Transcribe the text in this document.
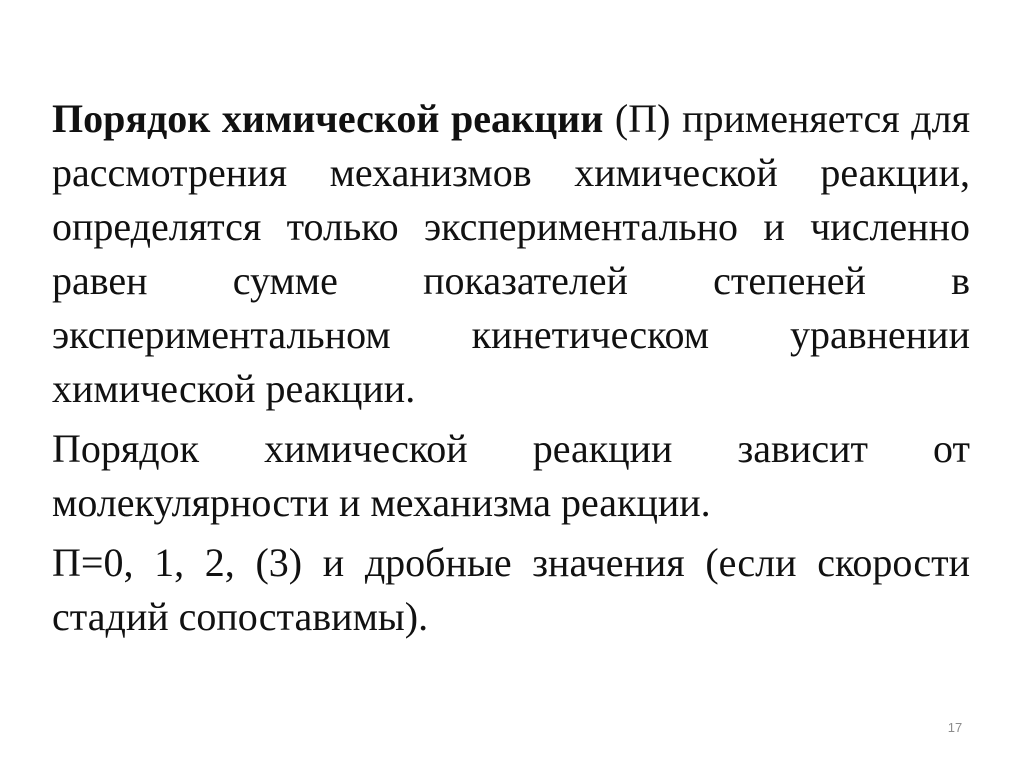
Порядок химической реакции (П) применяется для рассмотрения механизмов химической реакции, определятся только экспериментально и численно равен сумме показателей степеней в экспериментальном кинетическом уравнении химической реакции.

Порядок химической реакции зависит от молекулярности и механизма реакции.

П=0, 1, 2, (3) и дробные значения (если скорости стадий сопоставимы).

17
